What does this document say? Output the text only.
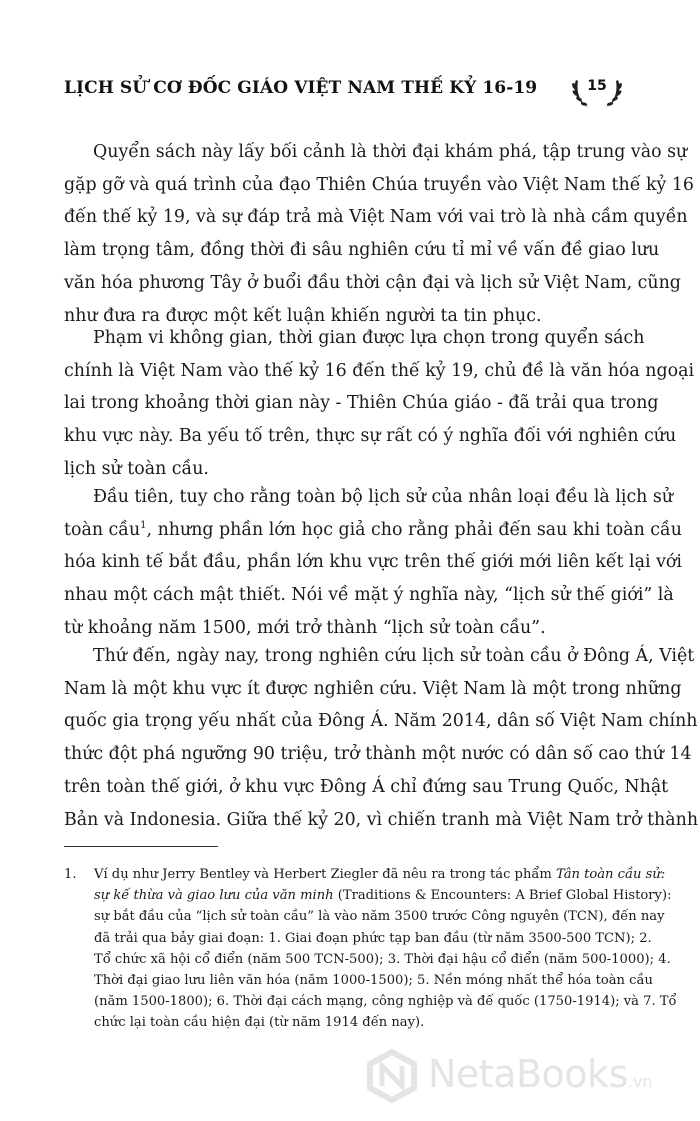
LỊCH SỬ CƠ ĐỐC GIÁO VIỆT NAM THẾ KỶ 16-19	15
Quyển sách này lấy bối cảnh là thời đại khám phá, tập trung vào sự
gặp gỡ và quá trình của đạo Thiên Chúa truyền vào Việt Nam thế kỷ 16
đến thế kỷ 19, và sự đáp trả mà Việt Nam với vai trò là nhà cầm quyền
làm trọng tâm, đồng thời đi sâu nghiên cứu tỉ mỉ về vấn đề giao lưu
văn hóa phương Tây ở buổi đầu thời cận đại và lịch sử Việt Nam, cũng
như đưa ra được một kết luận khiến người ta tin phục.
Phạm vi không gian, thời gian được lựa chọn trong quyển sách
chính là Việt Nam vào thế kỷ 16 đến thế kỷ 19, chủ đề là văn hóa ngoại
lai trong khoảng thời gian này - Thiên Chúa giáo - đã trải qua trong
khu vực này. Ba yếu tố trên, thực sự rất có ý nghĩa đối với nghiên cứu
lịch sử toàn cầu.
Đầu tiên, tuy cho rằng toàn bộ lịch sử của nhân loại đều là lịch sử
toàn cầu$^1$, nhưng phần lớn học giả cho rằng phải đến sau khi toàn cầu
hóa kinh tế bắt đầu, phần lớn khu vực trên thế giới mới liên kết lại với
nhau một cách mật thiết. Nói về mặt ý nghĩa này, “lịch sử thế giới” là
từ khoảng năm 1500, mới trở thành “lịch sử toàn cầu”.
Thứ đến, ngày nay, trong nghiên cứu lịch sử toàn cầu ở Đông Á, Việt
Nam là một khu vực ít được nghiên cứu. Việt Nam là một trong những
quốc gia trọng yếu nhất của Đông Á. Năm 2014, dân số Việt Nam chính
thức đột phá ngưỡng 90 triệu, trở thành một nước có dân số cao thứ 14
trên toàn thế giới, ở khu vực Đông Á chỉ đứng sau Trung Quốc, Nhật
Bản và Indonesia. Giữa thế kỷ 20, vì chiến tranh mà Việt Nam trở thành
1. Ví dụ như Jerry Bentley và Herbert Ziegler đã nêu ra trong tác phẩm Tân toàn cầu sử:
sự kế thừa và giao lưu của văn minh (Traditions & Encounters: A Brief Global History):
sự bắt đầu của “lịch sử toàn cầu” là vào năm 3500 trước Công nguyên (TCN), đến nay
đã trải qua bảy giai đoạn: 1. Giai đoạn phức tạp ban đầu (từ năm 3500-500 TCN); 2.
Tổ chức xã hội cổ điển (năm 500 TCN-500); 3. Thời đại hậu cổ điển (năm 500-1000); 4.
Thời đại giao lưu liên văn hóa (năm 1000-1500); 5. Nền móng nhất thể hóa toàn cầu
(năm 1500-1800); 6. Thời đại cách mạng, công nghiệp và đế quốc (1750-1914); và 7. Tổ
chức lại toàn cầu hiện đại (từ năm 1914 đến nay).
NetaBooks.vn
